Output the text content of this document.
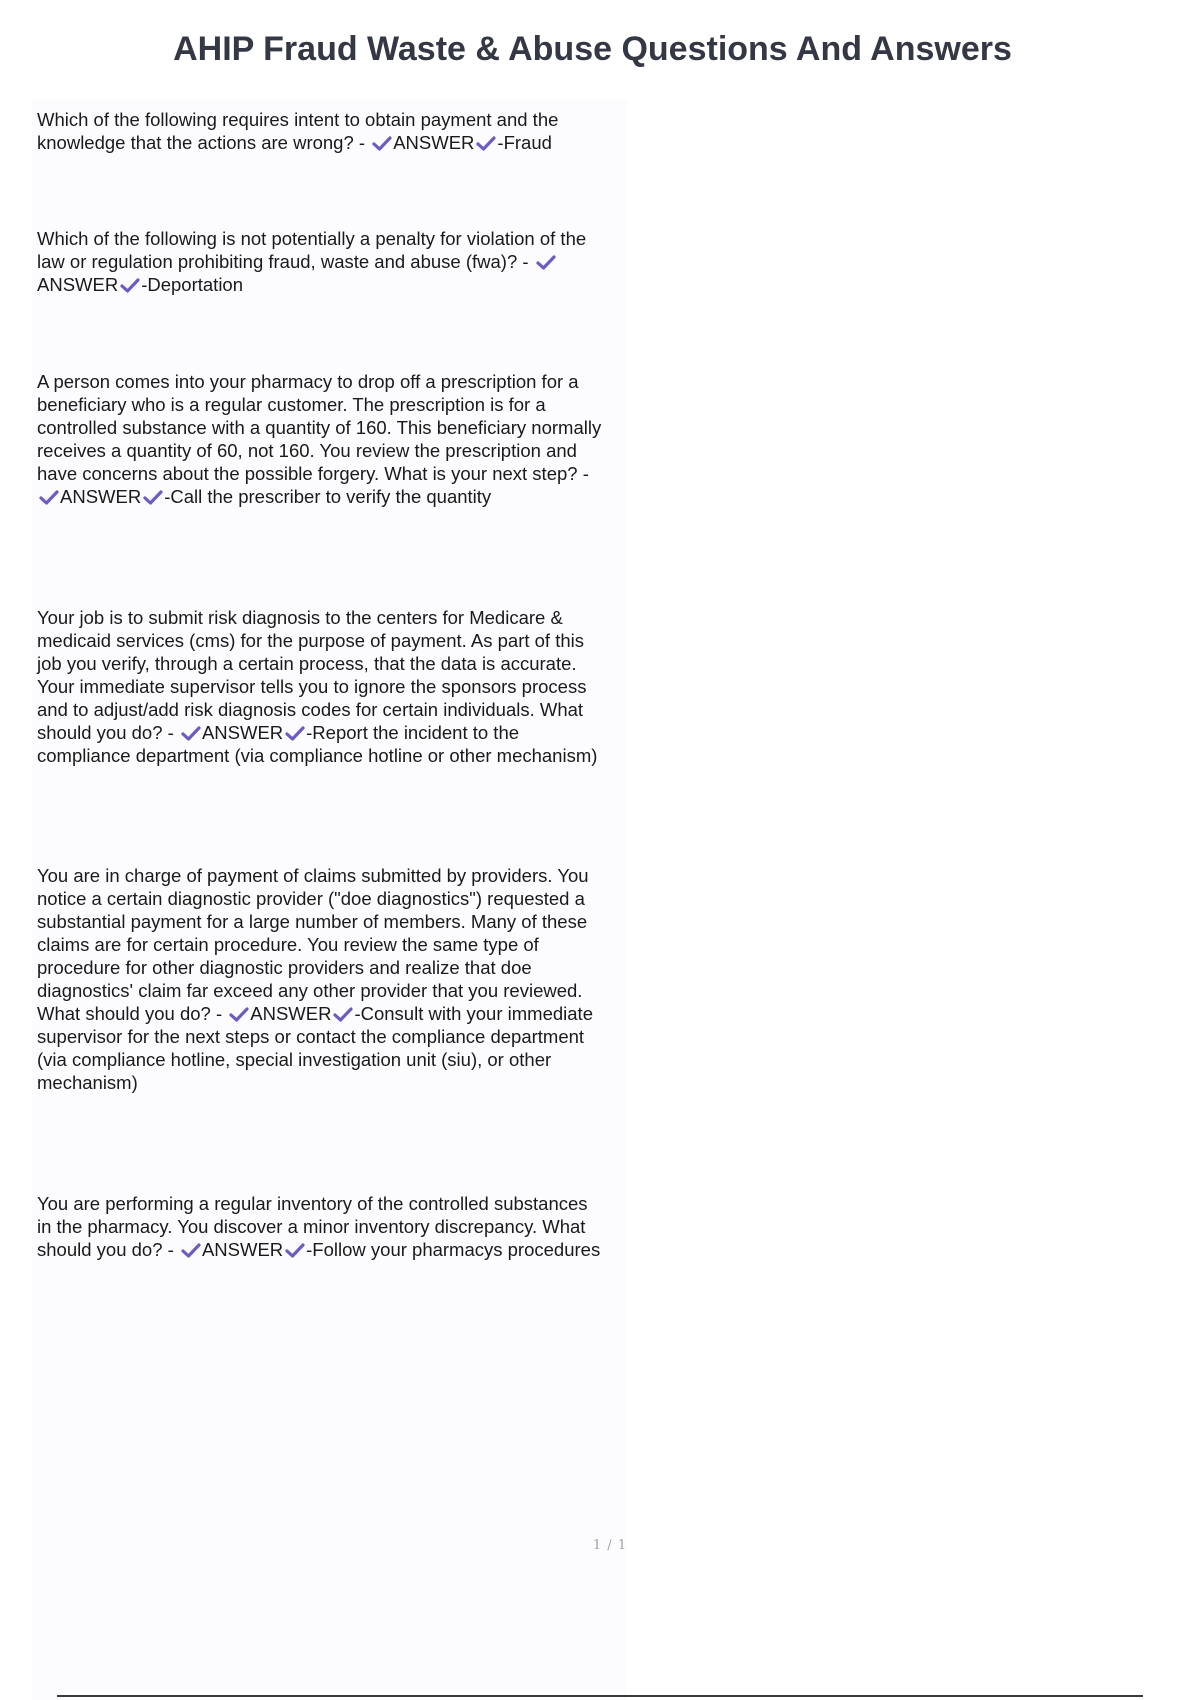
AHIP Fraud Waste & Abuse Questions And Answers

Which of the following requires intent to obtain payment and the knowledge that the actions are wrong? - ANSWER -Fraud

Which of the following is not potentially a penalty for violation of the law or regulation prohibiting fraud, waste and abuse (fwa)? -
ANSWER -Deportation

A person comes into your pharmacy to drop off a prescription for a beneficiary who is a regular customer. The prescription is for a controlled substance with a quantity of 160. This beneficiary normally receives a quantity of 60, not 160. You review the prescription and have concerns about the possible forgery. What is your next step? -
ANSWER -Call the prescriber to verify the quantity

Your job is to submit risk diagnosis to the centers for Medicare & medicaid services (cms) for the purpose of payment. As part of this job you verify, through a certain process, that the data is accurate. Your immediate supervisor tells you to ignore the sponsors process and to adjust/add risk diagnosis codes for certain individuals. What should you do? - ANSWER -Report the incident to the compliance department (via compliance hotline or other mechanism)

You are in charge of payment of claims submitted by providers. You notice a certain diagnostic provider ("doe diagnostics") requested a substantial payment for a large number of members. Many of these claims are for certain procedure. You review the same type of procedure for other diagnostic providers and realize that doe diagnostics' claim far exceed any other provider that you reviewed. What should you do? - ANSWER -Consult with your immediate supervisor for the next steps or contact the compliance department (via compliance hotline, special investigation unit (siu), or other mechanism)

You are performing a regular inventory of the controlled substances in the pharmacy. You discover a minor inventory discrepancy. What should you do? - ANSWER -Follow your pharmacys procedures

1 / 1
